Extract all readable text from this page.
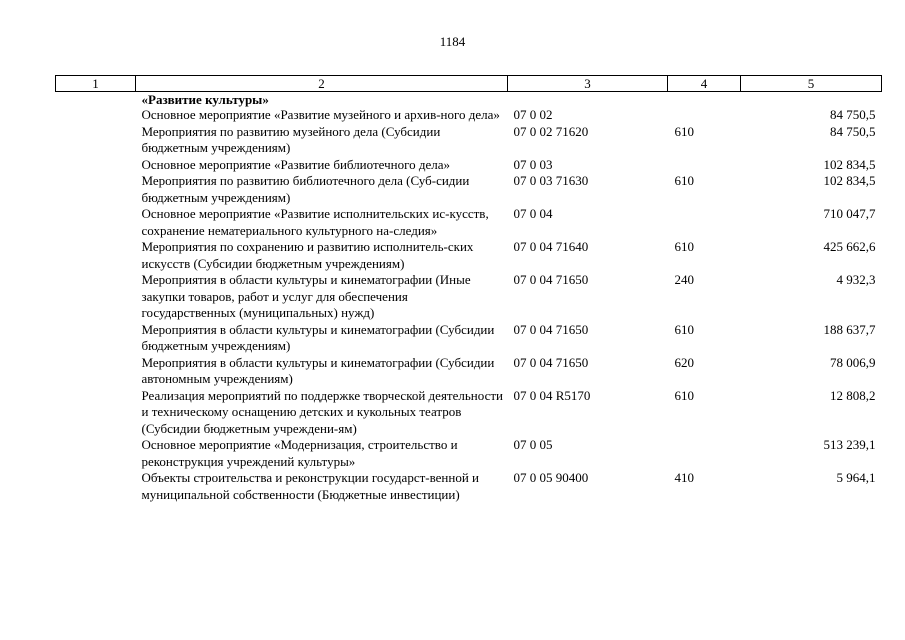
1184
1	2	3	4	5
	«Развитие культуры»			
	Основное мероприятие «Развитие музейного и архив-ного дела»	07 0 02		84 750,5
	Мероприятия по развитию музейного дела (Субсидии бюджетным учреждениям)	07 0 02 71620	610	84 750,5
	Основное мероприятие «Развитие библиотечного дела»	07 0 03		102 834,5
	Мероприятия по развитию библиотечного дела (Суб-сидии бюджетным учреждениям)	07 0 03 71630	610	102 834,5
	Основное мероприятие «Развитие исполнительских ис-кусств, сохранение нематериального культурного на-следия»	07 0 04		710 047,7
	Мероприятия по сохранению и развитию исполнитель-ских искусств (Субсидии бюджетным учреждениям)	07 0 04 71640	610	425 662,6
	Мероприятия в области культуры и кинематографии (Иные закупки товаров, работ и услуг для обеспечения государственных (муниципальных) нужд)	07 0 04 71650	240	4 932,3
	Мероприятия в области культуры и кинематографии (Субсидии бюджетным учреждениям)	07 0 04 71650	610	188 637,7
	Мероприятия в области культуры и кинематографии (Субсидии автономным учреждениям)	07 0 04 71650	620	78 006,9
	Реализация мероприятий по поддержке творческой деятельности и техническому оснащению детских и кукольных театров (Субсидии бюджетным учреждени-ям)	07 0 04 R5170	610	12 808,2
	Основное мероприятие «Модернизация, строительство и реконструкция учреждений культуры»	07 0 05		513 239,1
	Объекты строительства и реконструкции государст-венной и муниципальной собственности (Бюджетные инвестиции)	07 0 05 90400	410	5 964,1
